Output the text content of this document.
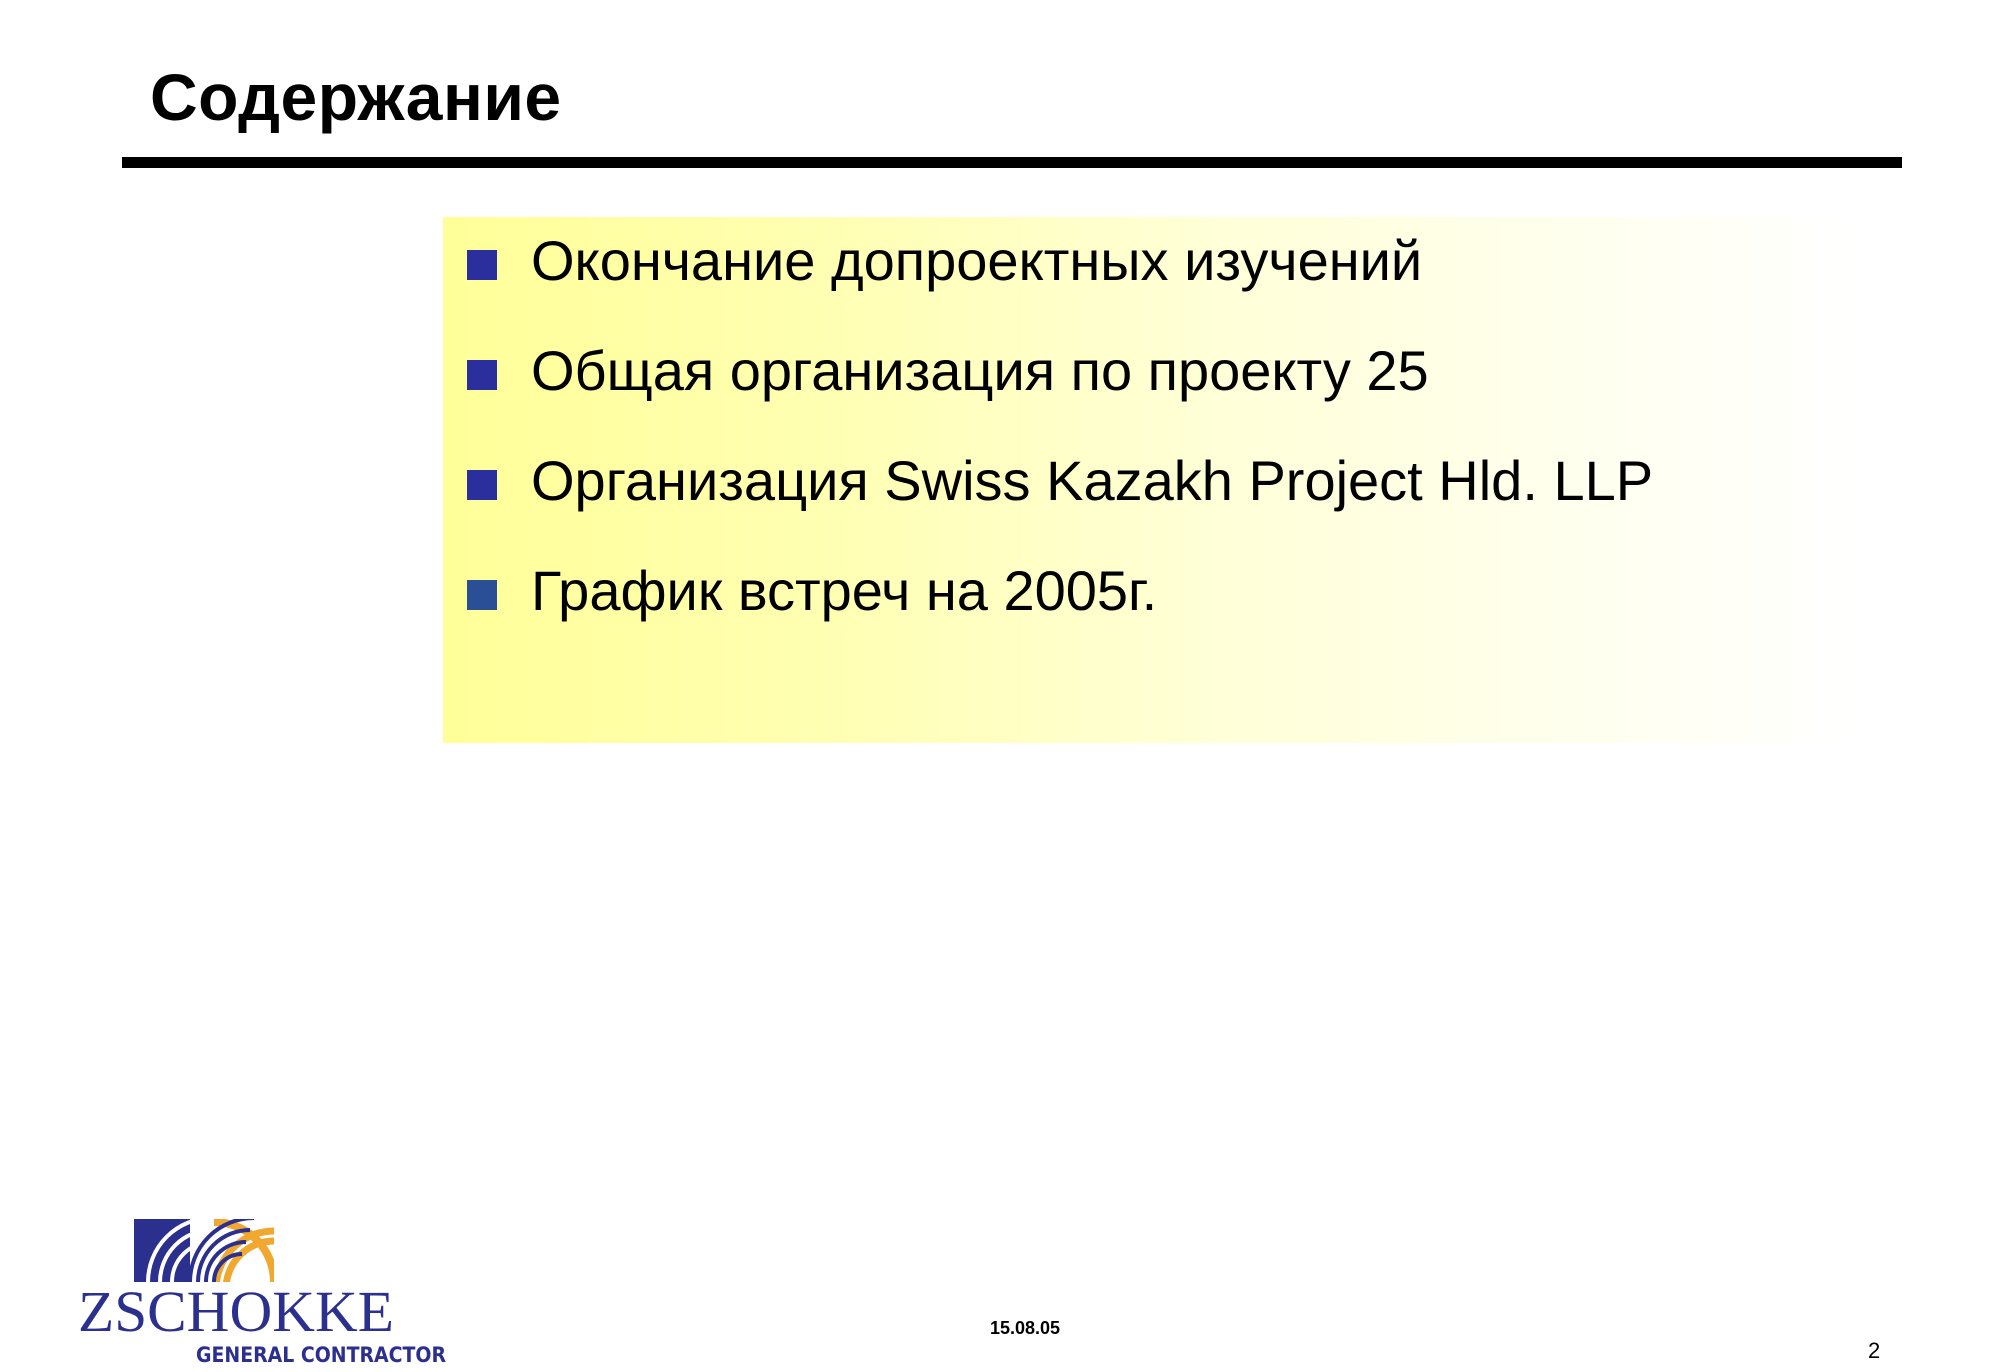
Содержание
Окончание допроектных изучений
Общая организация по проекту 25
Организация Swiss Kazakh Project Hld. LLP
График встреч на 2005г.
ZSCHOKKE
GENERAL CONTRACTOR
15.08.05
2
